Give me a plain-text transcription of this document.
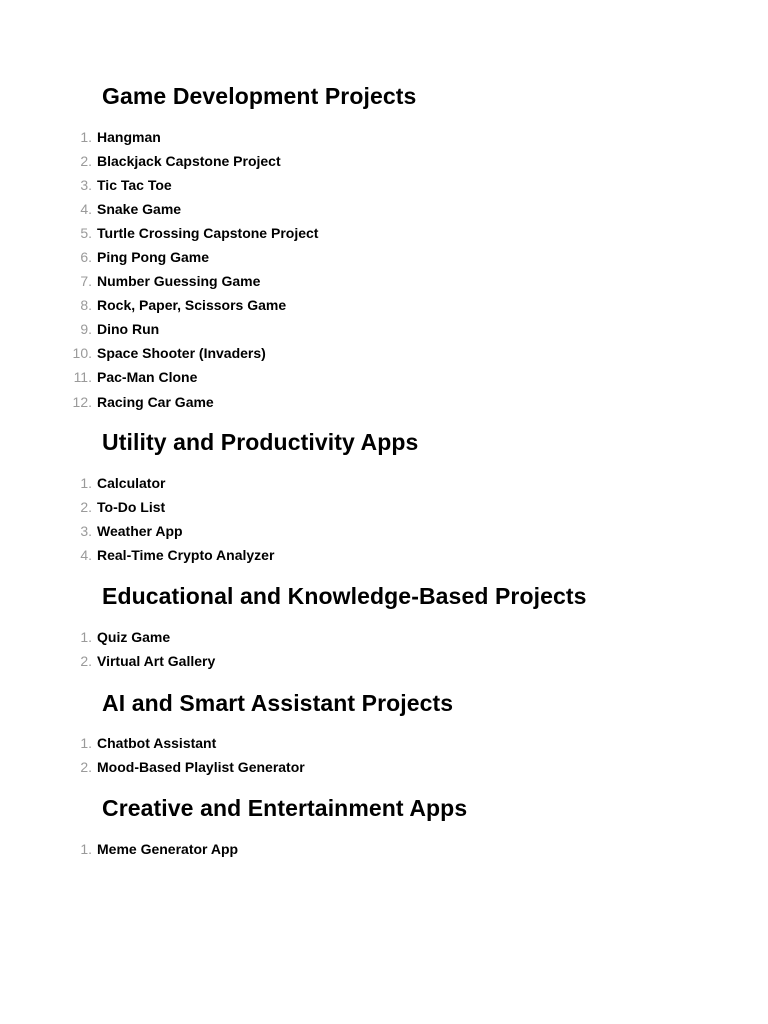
Game Development Projects
1. Hangman
2. Blackjack Capstone Project
3. Tic Tac Toe
4. Snake Game
5. Turtle Crossing Capstone Project
6. Ping Pong Game
7. Number Guessing Game
8. Rock, Paper, Scissors Game
9. Dino Run
10. Space Shooter (Invaders)
11. Pac-Man Clone
12. Racing Car Game
Utility and Productivity Apps
1. Calculator
2. To-Do List
3. Weather App
4. Real-Time Crypto Analyzer
Educational and Knowledge-Based Projects
1. Quiz Game
2. Virtual Art Gallery
AI and Smart Assistant Projects
1. Chatbot Assistant
2. Mood-Based Playlist Generator
Creative and Entertainment Apps
1. Meme Generator App
